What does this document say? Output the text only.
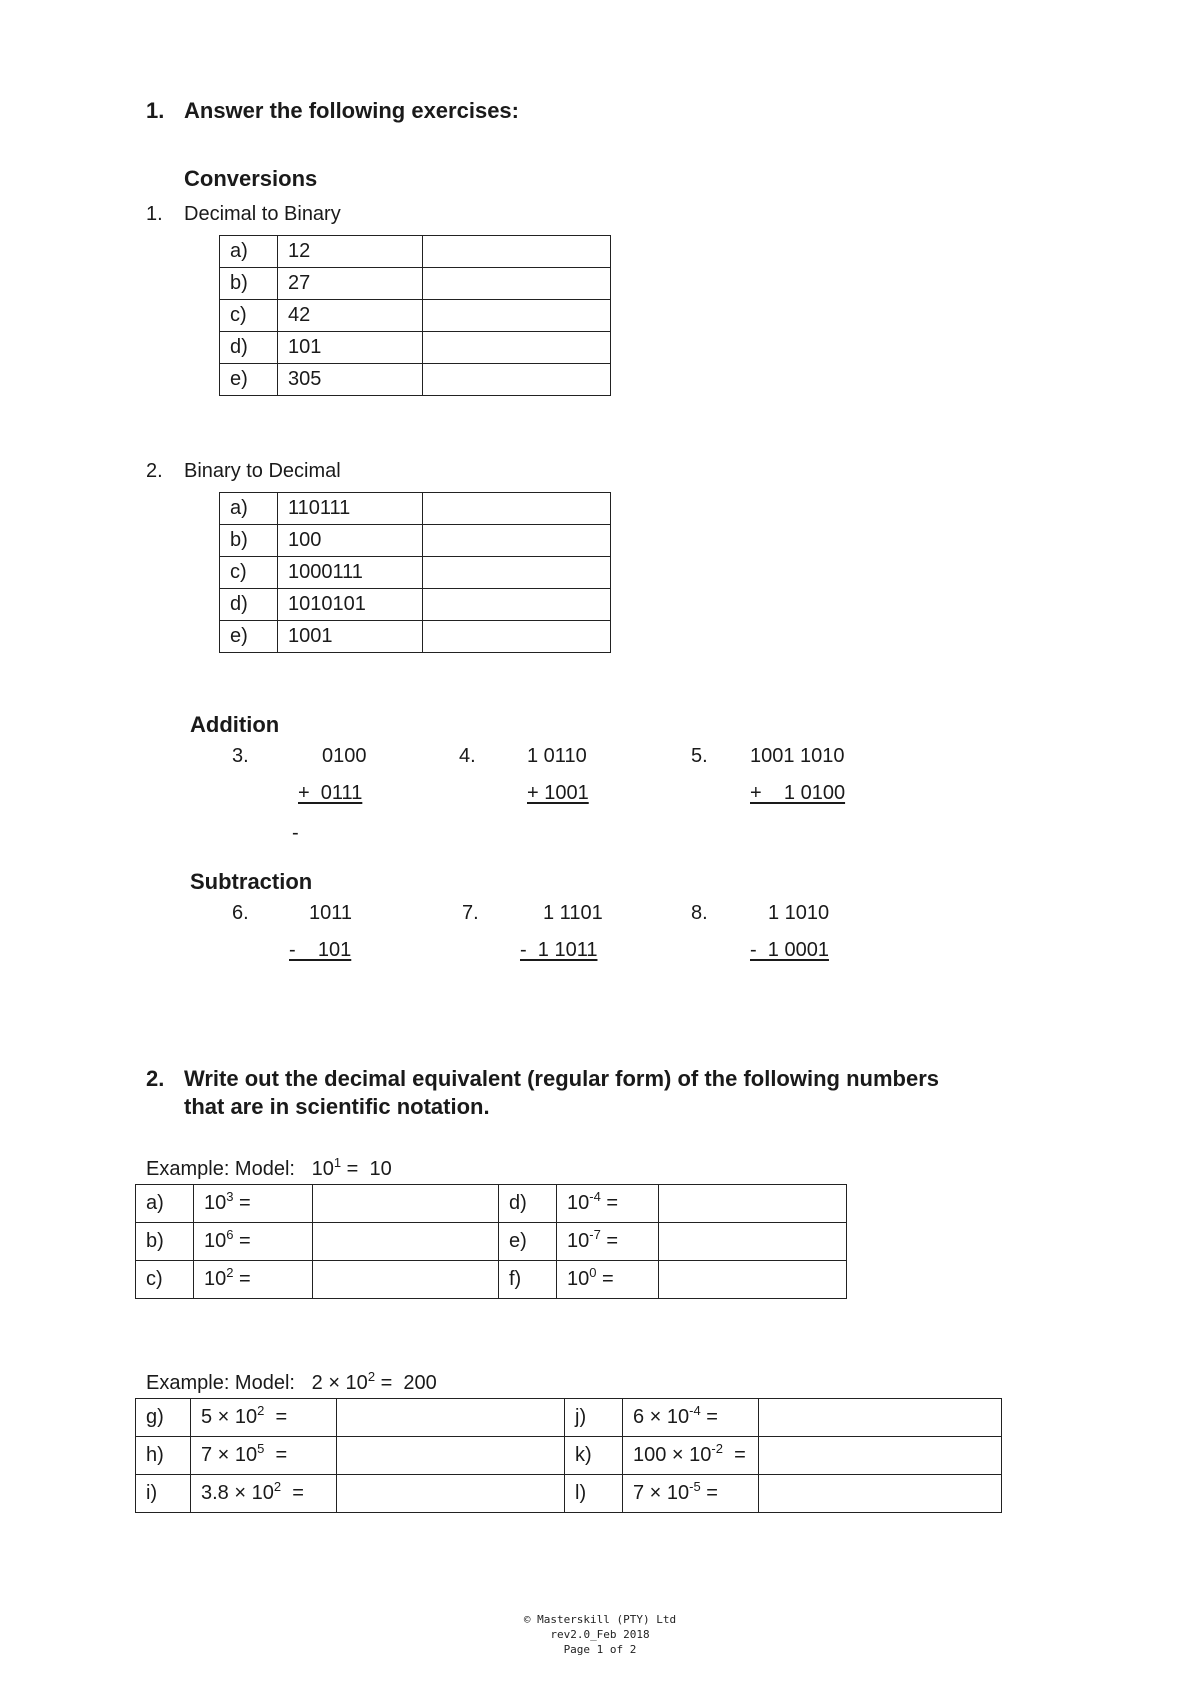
1. Answer the following exercises:
Conversions
1. Decimal to Binary
a)	12	
b)	27	
c)	42	
d)	101	
e)	305	
2. Binary to Decimal
a)	110111	
b)	100	
c)	1000111	
d)	1010101	
e)	1001	
Addition
3.	0100
+  0111
4.	1 0110
+ 1001
5. 1001 1010
+    1 0100
-
Subtraction
6.	1011
-    101
7.	1 1101
-  1 1011
8.	1 1010
-  1 0001
2. Write out the decimal equivalent (regular form) of the following numbers
that are in scientific notation.
Example: Model: $10^1 = 10$
a)	$10^3$ =		d)	$10^{-4}$ =	
b)	$10^6$ =		e)	$10^{-7}$ =	
c)	$10^2$ =		f)	$10^0$ =	
Example: Model: $2 \times 10^2 = 200$
g)	$5 \times 10^2$  =		j)	$6 \times 10^{-4}$ =	
h)	$7 \times 10^5$  =		k)	$100 \times 10^{-2}$  =	
i)	$3.8 \times 10^2$  =		l)	$7 \times 10^{-5}$ =	
© Masterskill (PTY) Ltd
rev2.0_Feb 2018
Page 1 of 2
